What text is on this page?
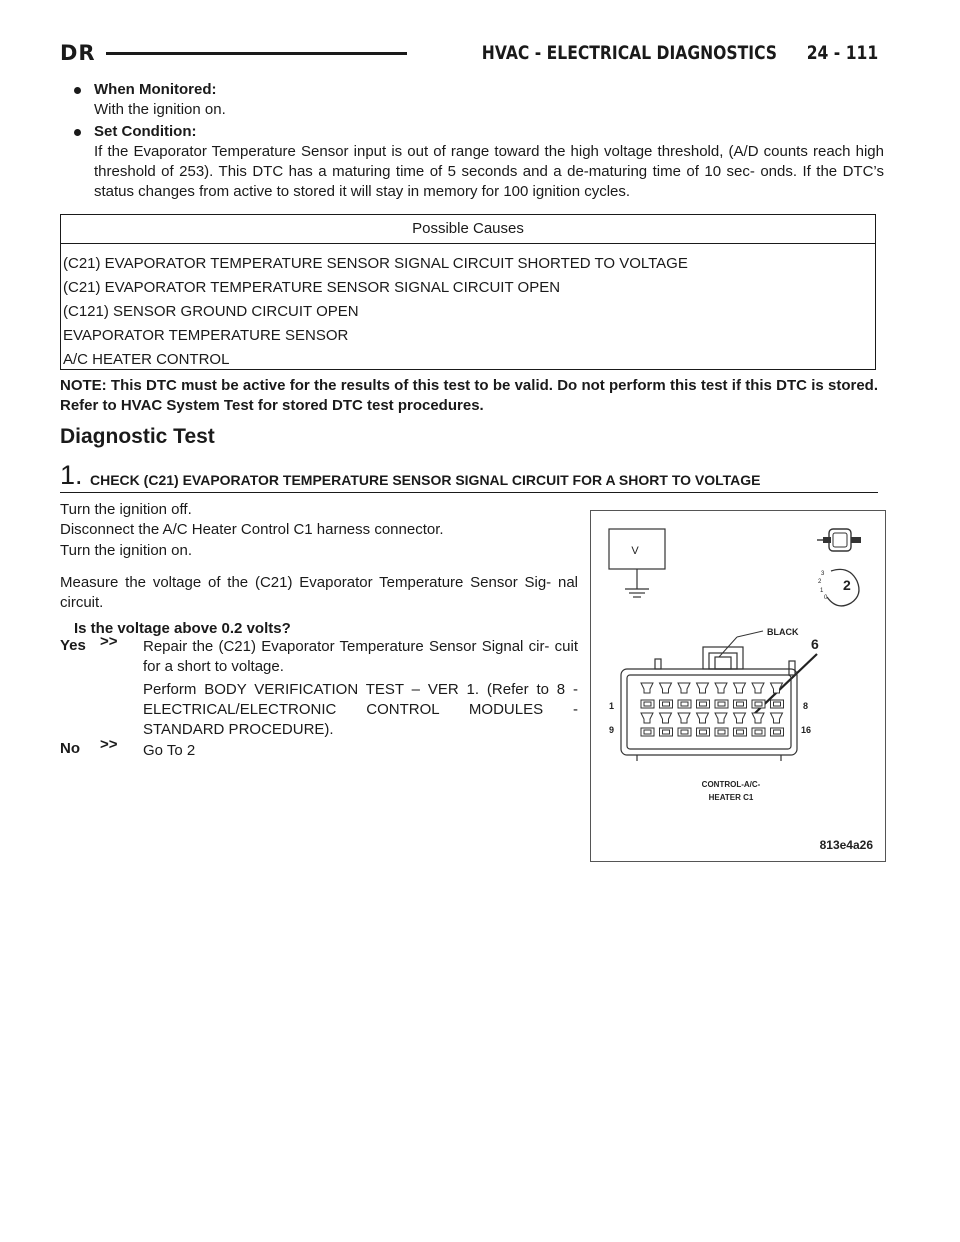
DR	HVAC - ELECTRICAL DIAGNOSTICS 24 - 111
When Monitored:
With the ignition on.
Set Condition:
If the Evaporator Temperature Sensor input is out of range toward the high voltage threshold, (A/D counts reach high threshold of 253). This DTC has a maturing time of 5 seconds and a de-maturing time of 10 sec- onds. If the DTC’s status changes from active to stored it will stay in memory for 100 ignition cycles.
Possible Causes
(C21) EVAPORATOR TEMPERATURE SENSOR SIGNAL CIRCUIT SHORTED TO VOLTAGE
(C21) EVAPORATOR TEMPERATURE SENSOR SIGNAL CIRCUIT OPEN
(C121) SENSOR GROUND CIRCUIT OPEN
EVAPORATOR TEMPERATURE SENSOR
A/C HEATER CONTROL
NOTE: This DTC must be active for the results of this test to be valid. Do not perform this test if this DTC is stored. Refer to HVAC System Test for stored DTC test procedures.
Diagnostic Test
1. CHECK (C21) EVAPORATOR TEMPERATURE SENSOR SIGNAL CIRCUIT FOR A SHORT TO VOLTAGE
Turn the ignition off.
Disconnect the A/C Heater Control C1 harness connector.
Turn the ignition on.
Measure the voltage of the (C21) Evaporator Temperature Sensor Sig- nal circuit.
Is the voltage above 0.2 volts?
Yes >> Repair the (C21) Evaporator Temperature Sensor Signal cir- cuit for a short to voltage.
Perform BODY VERIFICATION TEST – VER 1. (Refer to 8 - ELECTRICAL/ELECTRONIC CONTROL MODULES - STANDARD PROCEDURE).
No >> Go To 2
V
2
3
2
1
0
BLACK
6
1	8
9	16
CONTROL-A/C-
HEATER C1
813e4a26
